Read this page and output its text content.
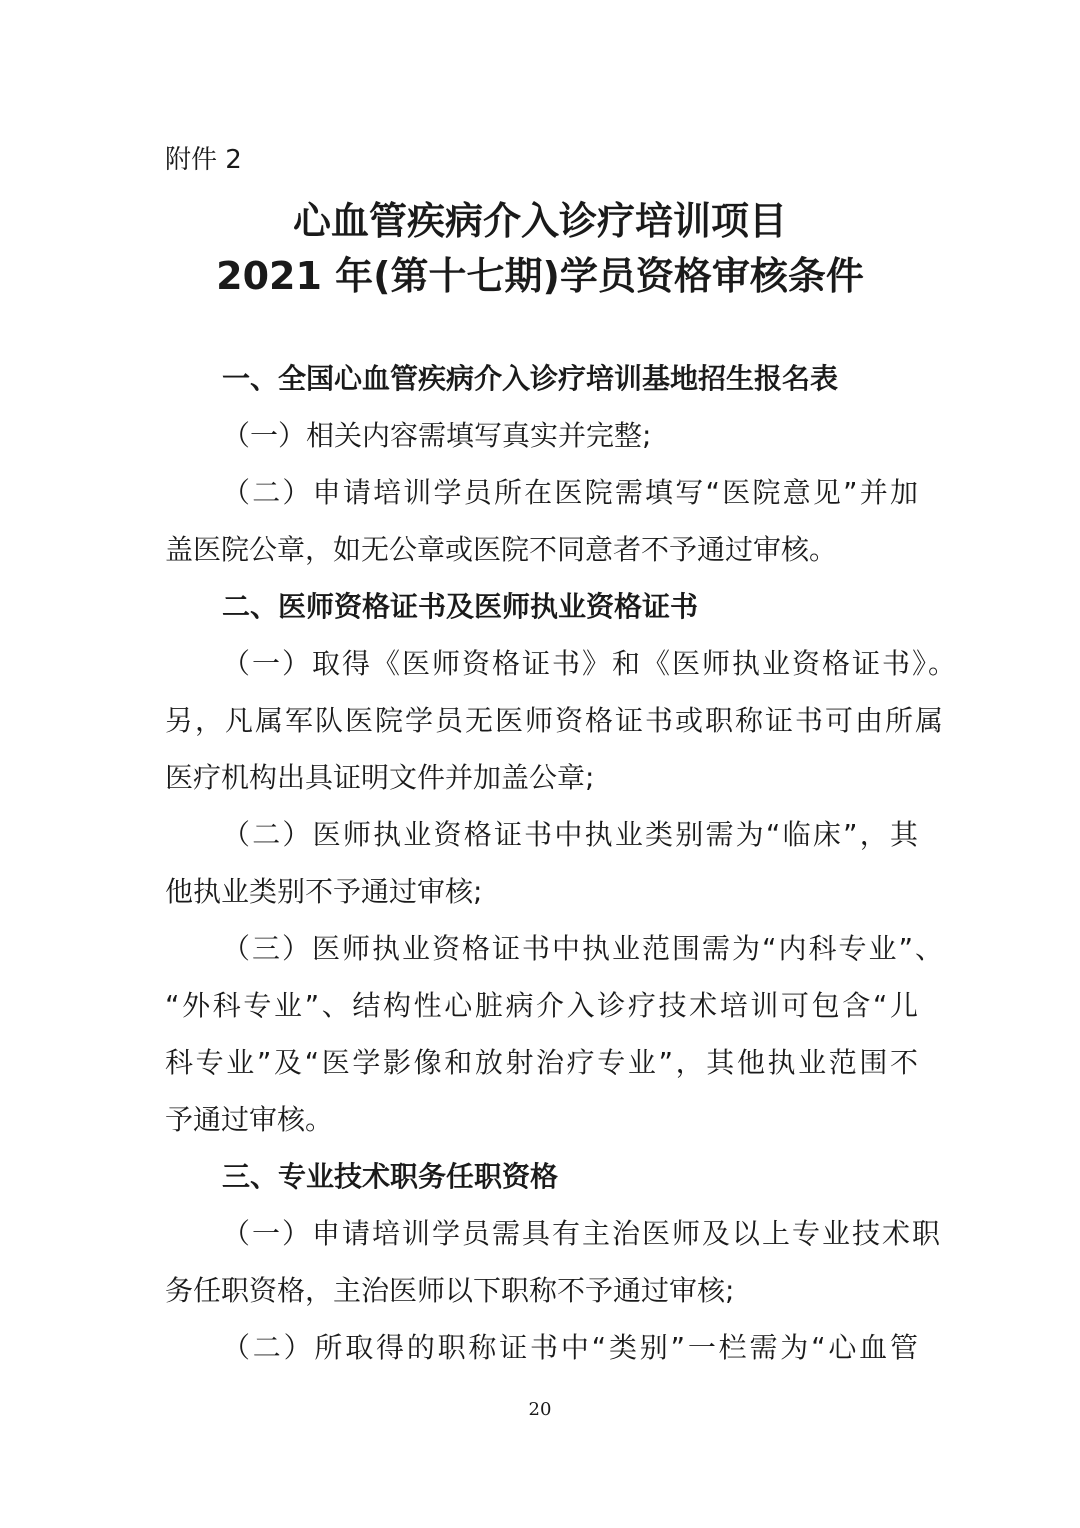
附件 2
心血管疾病介入诊疗培训项目
2021 年(第十七期)学员资格审核条件
一、全国心血管疾病介入诊疗培训基地招生报名表
（一）相关内容需填写真实并完整;
（二）申请培训学员所在医院需填写“医院意见”并加
盖医院公章，如无公章或医院不同意者不予通过审核。
二、医师资格证书及医师执业资格证书
（一）取得《医师资格证书》和《医师执业资格证书》。
另，凡属军队医院学员无医师资格证书或职称证书可由所属
医疗机构出具证明文件并加盖公章;
（二）医师执业资格证书中执业类别需为“临床”，其
他执业类别不予通过审核;
（三）医师执业资格证书中执业范围需为“内科专业”、
“外科专业”、结构性心脏病介入诊疗技术培训可包含“儿
科专业”及“医学影像和放射治疗专业”，其他执业范围不
予通过审核。
三、专业技术职务任职资格
（一）申请培训学员需具有主治医师及以上专业技术职
务任职资格，主治医师以下职称不予通过审核;
（二）所取得的职称证书中“类别”一栏需为“心血管
20
